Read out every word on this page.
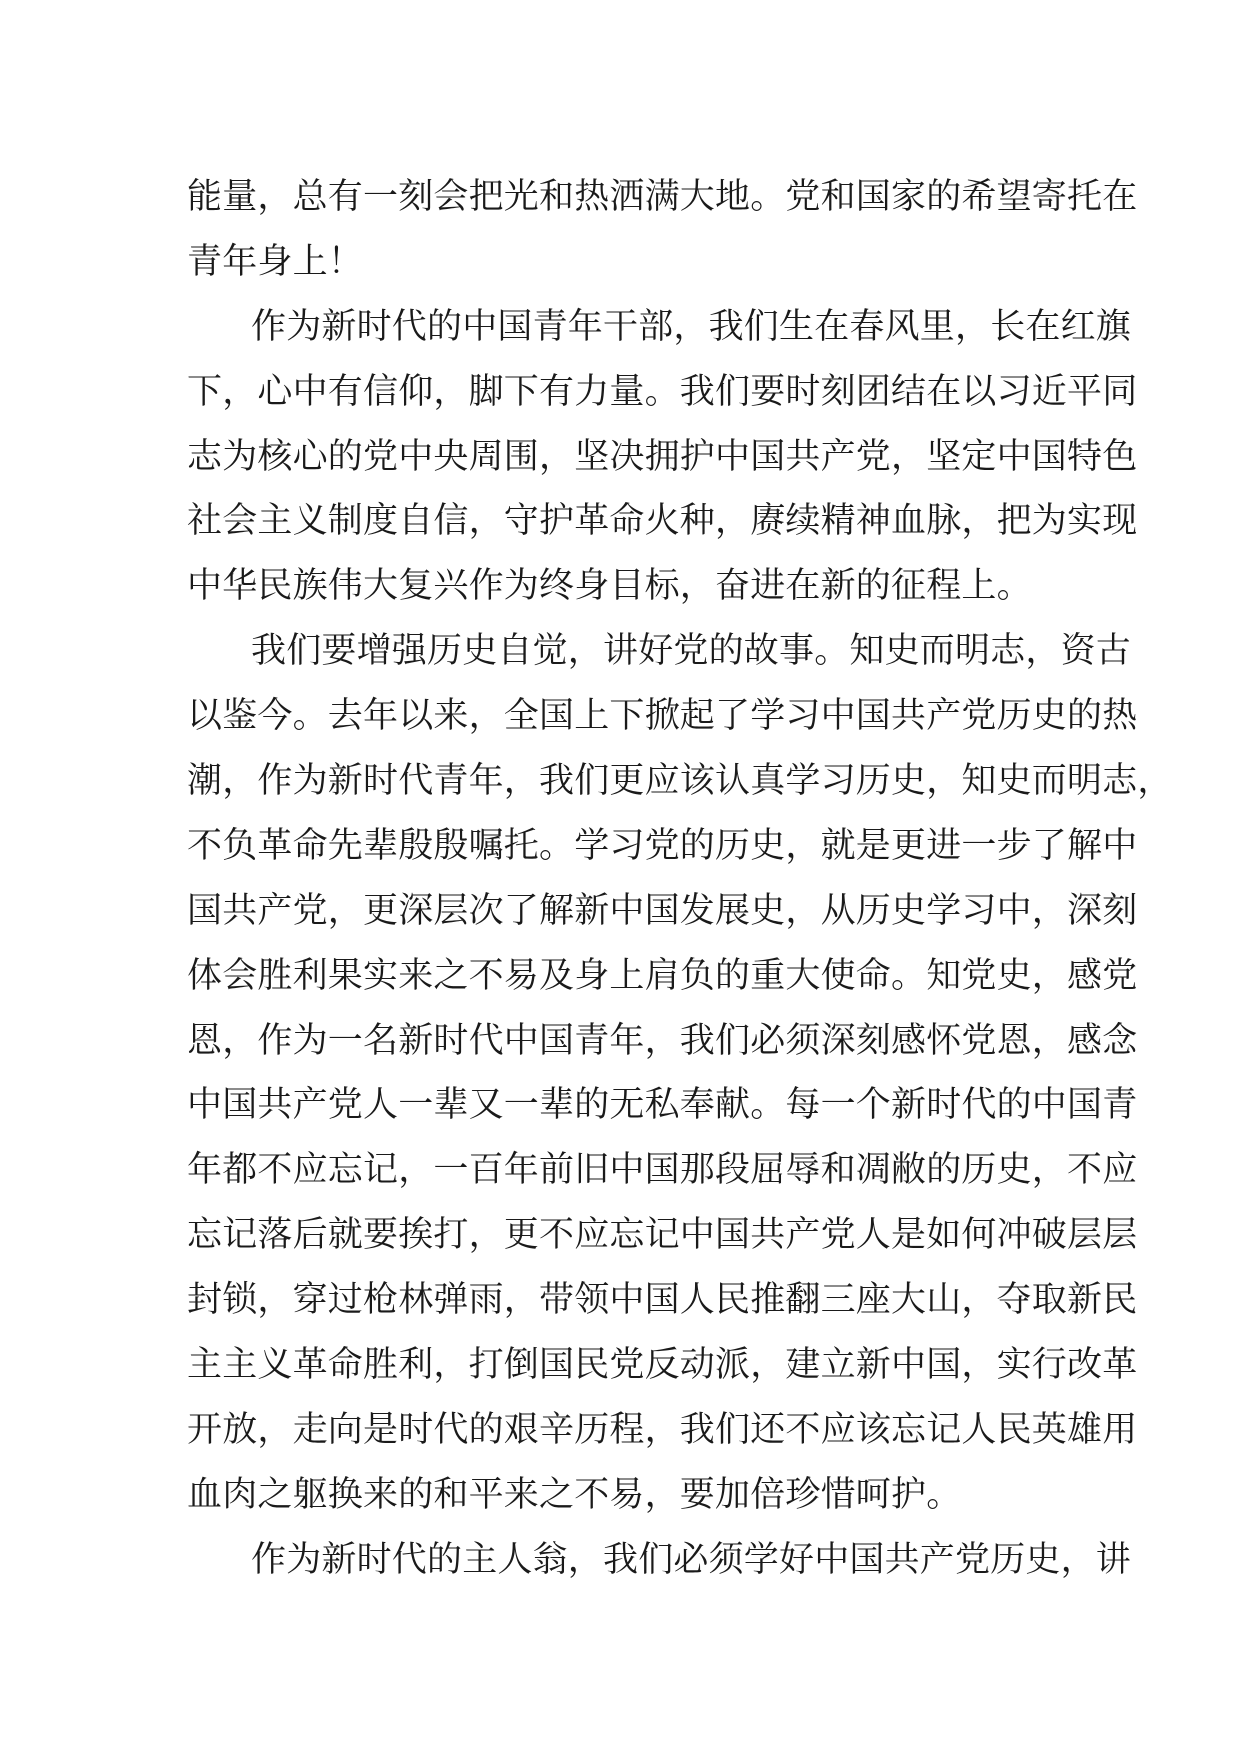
能量，总有一刻会把光和热洒满大地。党和国家的希望寄托在
青年身上！
作为新时代的中国青年干部，我们生在春风里，长在红旗
下，心中有信仰，脚下有力量。我们要时刻团结在以习近平同
志为核心的党中央周围，坚决拥护中国共产党，坚定中国特色
社会主义制度自信，守护革命火种，赓续精神血脉，把为实现
中华民族伟大复兴作为终身目标，奋进在新的征程上。
我们要增强历史自觉，讲好党的故事。知史而明志，资古
以鉴今。去年以来，全国上下掀起了学习中国共产党历史的热
潮，作为新时代青年，我们更应该认真学习历史，知史而明志，
不负革命先辈殷殷嘱托。学习党的历史，就是更进一步了解中
国共产党，更深层次了解新中国发展史，从历史学习中，深刻
体会胜利果实来之不易及身上肩负的重大使命。知党史，感党
恩，作为一名新时代中国青年，我们必须深刻感怀党恩，感念
中国共产党人一辈又一辈的无私奉献。每一个新时代的中国青
年都不应忘记，一百年前旧中国那段屈辱和凋敝的历史，不应
忘记落后就要挨打，更不应忘记中国共产党人是如何冲破层层
封锁，穿过枪林弹雨，带领中国人民推翻三座大山，夺取新民
主主义革命胜利，打倒国民党反动派，建立新中国，实行改革
开放，走向是时代的艰辛历程，我们还不应该忘记人民英雄用
血肉之躯换来的和平来之不易，要加倍珍惜呵护。
作为新时代的主人翁，我们必须学好中国共产党历史，讲
